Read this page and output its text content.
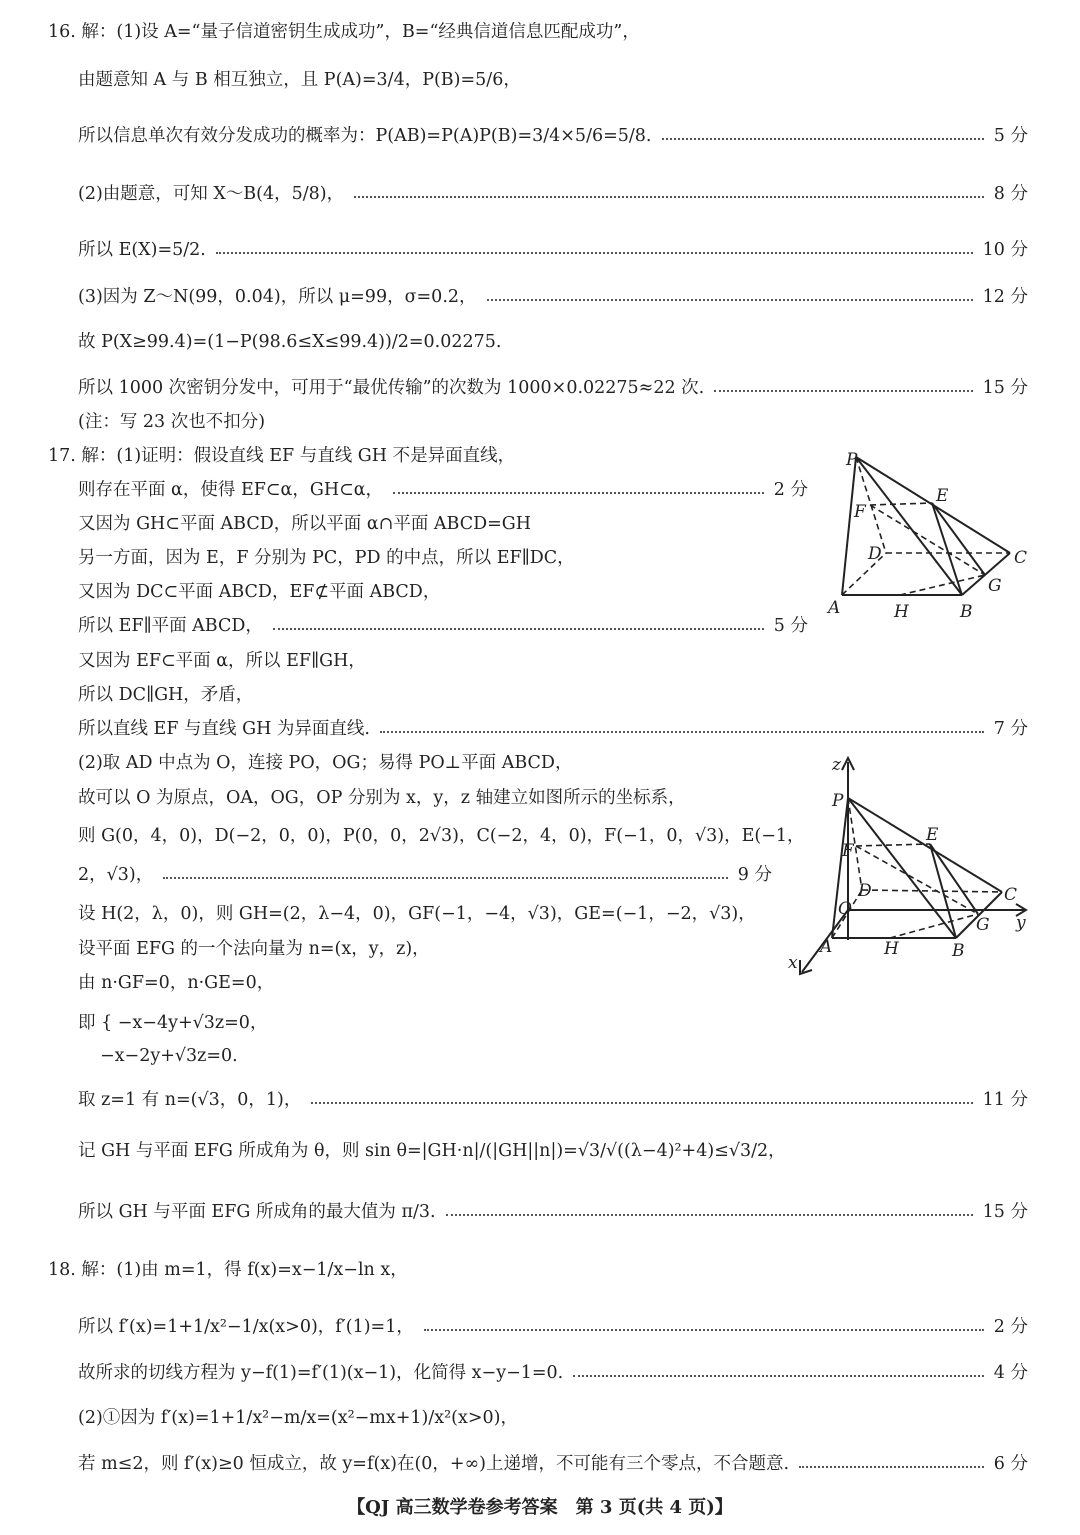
16. 解：(1)设 A=“量子信道密钥生成成功”，B=“经典信道信息匹配成功”，
由题意知 A 与 B 相互独立，且 P(A)=3/4，P(B)=5/6，
所以信息单次有效分发成功的概率为：P(AB)=P(A)P(B)=3/4×5/6=5/8.	5 分
(2)由题意，可知 X～B(4，5/8)，	8 分
所以 E(X)=5/2.	10 分
(3)因为 Z～N(99，0.04)，所以 μ=99，σ=0.2，	12 分
故 P(X≥99.4)=(1−P(98.6≤X≤99.4))/2=0.02275.
所以 1000 次密钥分发中，可用于“最优传输”的次数为 1000×0.02275≈22 次.	15 分
(注：写 23 次也不扣分)
17. 解：(1)证明：假设直线 EF 与直线 GH 不是异面直线，
则存在平面 α，使得 EF⊂α，GH⊂α，	2 分
又因为 GH⊂平面 ABCD，所以平面 α∩平面 ABCD=GH
另一方面，因为 E，F 分别为 PC，PD 的中点，所以 EF∥DC，
又因为 DC⊂平面 ABCD，EF⊄平面 ABCD，
所以 EF∥平面 ABCD，	5 分
又因为 EF⊂平面 α，所以 EF∥GH，
所以 DC∥GH，矛盾，
所以直线 EF 与直线 GH 为异面直线.	7 分
(2)取 AD 中点为 O，连接 PO，OG；易得 PO⊥平面 ABCD，
故可以 O 为原点，OA，OG，OP 分别为 x，y，z 轴建立如图所示的坐标系，
则 G(0，4，0)，D(−2，0，0)，P(0，0，2√3)，C(−2，4，0)，F(−1，0，√3)，E(−1，
2，√3)，	9 分
设 H(2，λ，0)，则 GH=(2，λ−4，0)，GF(−1，−4，√3)，GE=(−1，−2，√3)，
设平面 EFG 的一个法向量为 n=(x，y，z)，
由 n·GF=0，n·GE=0，
即 { −x−4y+√3z=0，
−x−2y+√3z=0.
取 z=1 有 n=(√3，0，1)，	11 分
记 GH 与平面 EFG 所成角为 θ，则 sin θ=|GH·n|/(|GH||n|)=√3/√((λ−4)²+4)≤√3/2，
所以 GH 与平面 EFG 所成角的最大值为 π/3.	15 分
18. 解：(1)由 m=1，得 f(x)=x−1/x−ln x，
所以 f′(x)=1+1/x²−1/x(x>0)，f′(1)=1，	2 分
故所求的切线方程为 y−f(1)=f′(1)(x−1)，化简得 x−y−1=0.	4 分
(2)①因为 f′(x)=1+1/x²−m/x=(x²−mx+1)/x²(x>0)，
若 m≤2，则 f′(x)≥0 恒成立，故 y=f(x)在(0，+∞)上递增，不可能有三个零点，不合题意.	6 分
P
E
F
D	C
G
A	H	B
z
P
E
F
D	C
O
G y
A	H	B
x
【QJ 高三数学卷参考答案　第 3 页(共 4 页)】
